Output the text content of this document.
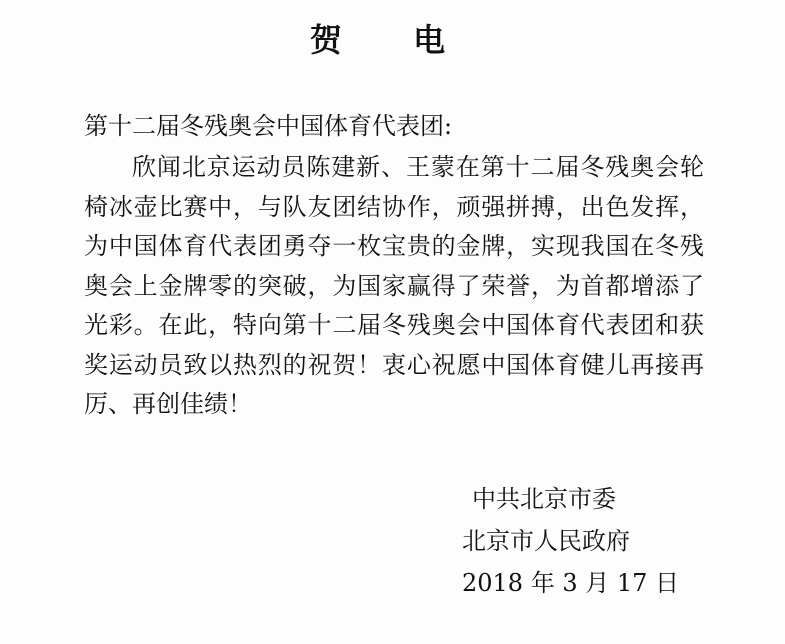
贺 电
第十二届冬残奥会中国体育代表团:
欣闻北京运动员陈建新、王蒙在第十二届冬残奥会轮
椅冰壶比赛中，与队友团结协作，顽强拼搏，出色发挥，
为中国体育代表团勇夺一枚宝贵的金牌，实现我国在冬残
奥会上金牌零的突破，为国家赢得了荣誉，为首都增添了
光彩。在此，特向第十二届冬残奥会中国体育代表团和获
奖运动员致以热烈的祝贺！衷心祝愿中国体育健儿再接再
厉、再创佳绩！
中共北京市委
北京市人民政府
2018 年 3 月 17 日
